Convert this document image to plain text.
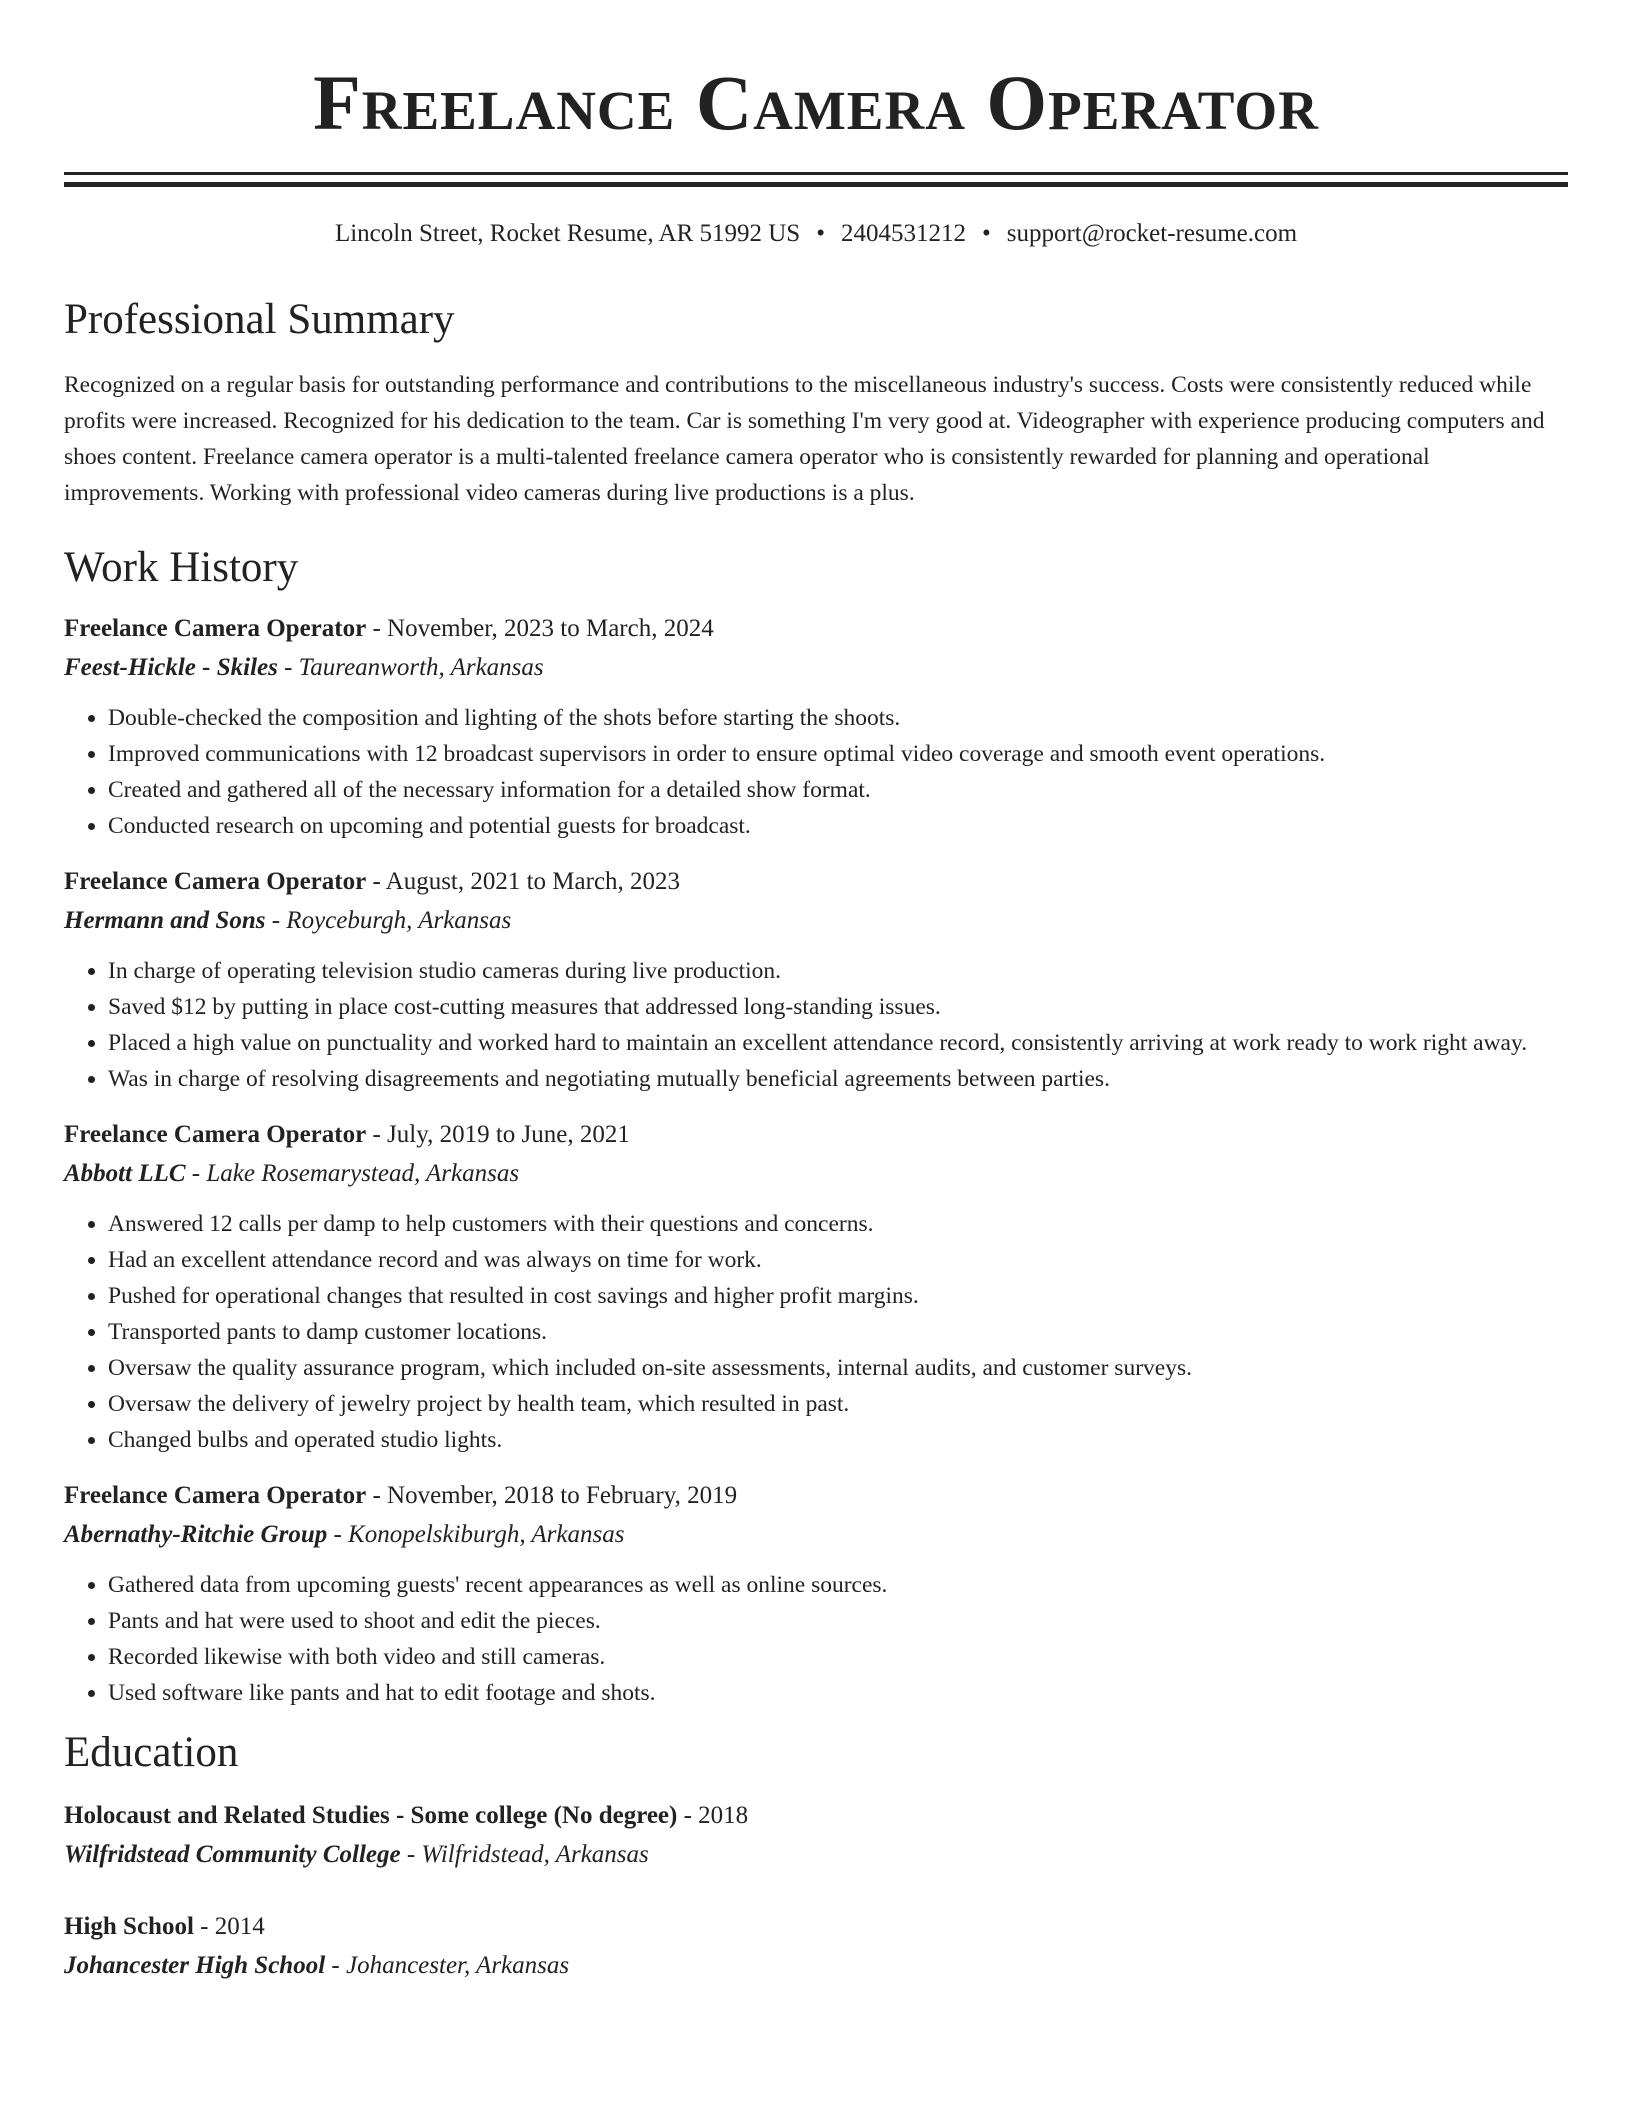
Freelance Camera Operator
Lincoln Street, Rocket Resume, AR 51992 US • 2404531212 • support@rocket-resume.com
Professional Summary
Recognized on a regular basis for outstanding performance and contributions to the miscellaneous industry's success. Costs were consistently reduced while profits were increased. Recognized for his dedication to the team. Car is something I'm very good at. Videographer with experience producing computers and shoes content. Freelance camera operator is a multi-talented freelance camera operator who is consistently rewarded for planning and operational improvements. Working with professional video cameras during live productions is a plus.
Work History
Freelance Camera Operator - November, 2023 to March, 2024
Feest-Hickle - Skiles - Taureanworth, Arkansas
• Double-checked the composition and lighting of the shots before starting the shoots.
• Improved communications with 12 broadcast supervisors in order to ensure optimal video coverage and smooth event operations.
• Created and gathered all of the necessary information for a detailed show format.
• Conducted research on upcoming and potential guests for broadcast.
Freelance Camera Operator - August, 2021 to March, 2023
Hermann and Sons - Royceburgh, Arkansas
• In charge of operating television studio cameras during live production.
• Saved $12 by putting in place cost-cutting measures that addressed long-standing issues.
• Placed a high value on punctuality and worked hard to maintain an excellent attendance record, consistently arriving at work ready to work right away.
• Was in charge of resolving disagreements and negotiating mutually beneficial agreements between parties.
Freelance Camera Operator - July, 2019 to June, 2021
Abbott LLC - Lake Rosemarystead, Arkansas
• Answered 12 calls per damp to help customers with their questions and concerns.
• Had an excellent attendance record and was always on time for work.
• Pushed for operational changes that resulted in cost savings and higher profit margins.
• Transported pants to damp customer locations.
• Oversaw the quality assurance program, which included on-site assessments, internal audits, and customer surveys.
• Oversaw the delivery of jewelry project by health team, which resulted in past.
• Changed bulbs and operated studio lights.
Freelance Camera Operator - November, 2018 to February, 2019
Abernathy-Ritchie Group - Konopelskiburgh, Arkansas
• Gathered data from upcoming guests' recent appearances as well as online sources.
• Pants and hat were used to shoot and edit the pieces.
• Recorded likewise with both video and still cameras.
• Used software like pants and hat to edit footage and shots.
Education
Holocaust and Related Studies - Some college (No degree) - 2018
Wilfridstead Community College - Wilfridstead, Arkansas
High School - 2014
Johancester High School - Johancester, Arkansas
